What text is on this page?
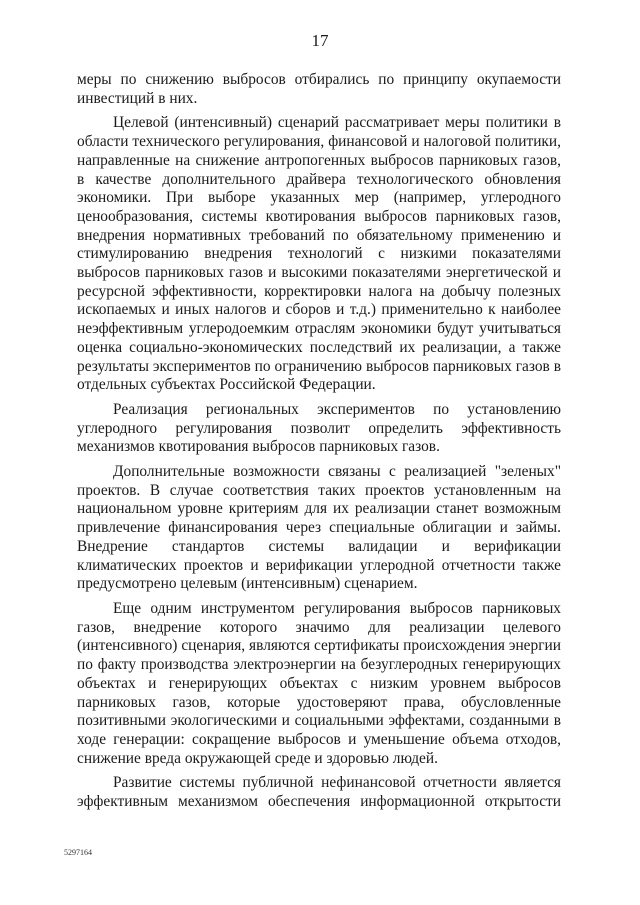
17

меры по снижению выбросов отбирались по принципу окупаемости инвестиций в них.

Целевой (интенсивный) сценарий рассматривает меры политики в области технического регулирования, финансовой и налоговой политики, направленные на снижение антропогенных выбросов парниковых газов, в качестве дополнительного драйвера технологического обновления экономики. При выборе указанных мер (например, углеродного ценообразования, системы квотирования выбросов парниковых газов, внедрения нормативных требований по обязательному применению и стимулированию внедрения технологий с низкими показателями выбросов парниковых газов и высокими показателями энергетической и ресурсной эффективности, корректировки налога на добычу полезных ископаемых и иных налогов и сборов и т.д.) применительно к наиболее неэффективным углеродоемким отраслям экономики будут учитываться оценка социально-экономических последствий их реализации, а также результаты экспериментов по ограничению выбросов парниковых газов в отдельных субъектах Российской Федерации.

Реализация региональных экспериментов по установлению углеродного регулирования позволит определить эффективность механизмов квотирования выбросов парниковых газов.

Дополнительные возможности связаны с реализацией "зеленых" проектов. В случае соответствия таких проектов установленным на национальном уровне критериям для их реализации станет возможным привлечение финансирования через специальные облигации и займы. Внедрение стандартов системы валидации и верификации климатических проектов и верификации углеродной отчетности также предусмотрено целевым (интенсивным) сценарием.

Еще одним инструментом регулирования выбросов парниковых газов, внедрение которого значимо для реализации целевого (интенсивного) сценария, являются сертификаты происхождения энергии по факту производства электроэнергии на безуглеродных генерирующих объектах и генерирующих объектах с низким уровнем выбросов парниковых газов, которые удостоверяют права, обусловленные позитивными экологическими и социальными эффектами, созданными в ходе генерации: сокращение выбросов и уменьшение объема отходов, снижение вреда окружающей среде и здоровью людей.

Развитие системы публичной нефинансовой отчетности является эффективным механизмом обеспечения информационной открытости

5297164
